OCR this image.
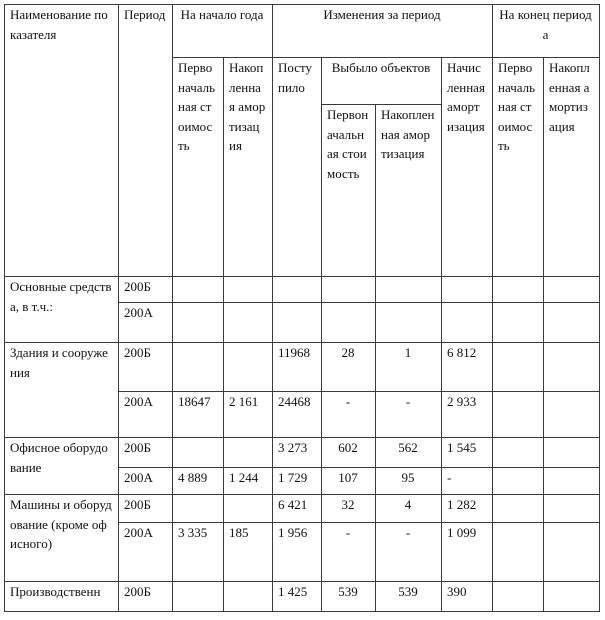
Наименование показателя	Период	На начало года		Изменения за период				На конец периода	
		Первоначальная стоимость	Накопленная амортизация	Поступило	Выбыло объектов		Начисленная амортизация	Первоначальная стоимость	Накопленная амортизация
					Первоначальная стоимость	Накопленная амортизация			
Основные средства, в т.ч.:	200Б								
	200А								
Здания и сооружения	200Б			11968	28	1	6 812		
	200А	18647	2 161	24468	-	-	2 933		
Офисное оборудование	200Б			3 273	602	562	1 545		
	200А	4 889	1 244	1 729	107	95	-		
Машины и оборудование (кроме офисного)	200Б			6 421	32	4	1 282		
	200А	3 335	185	1 956	-	-	1 099		
Производственн	200Б			1 425	539	539	390		
